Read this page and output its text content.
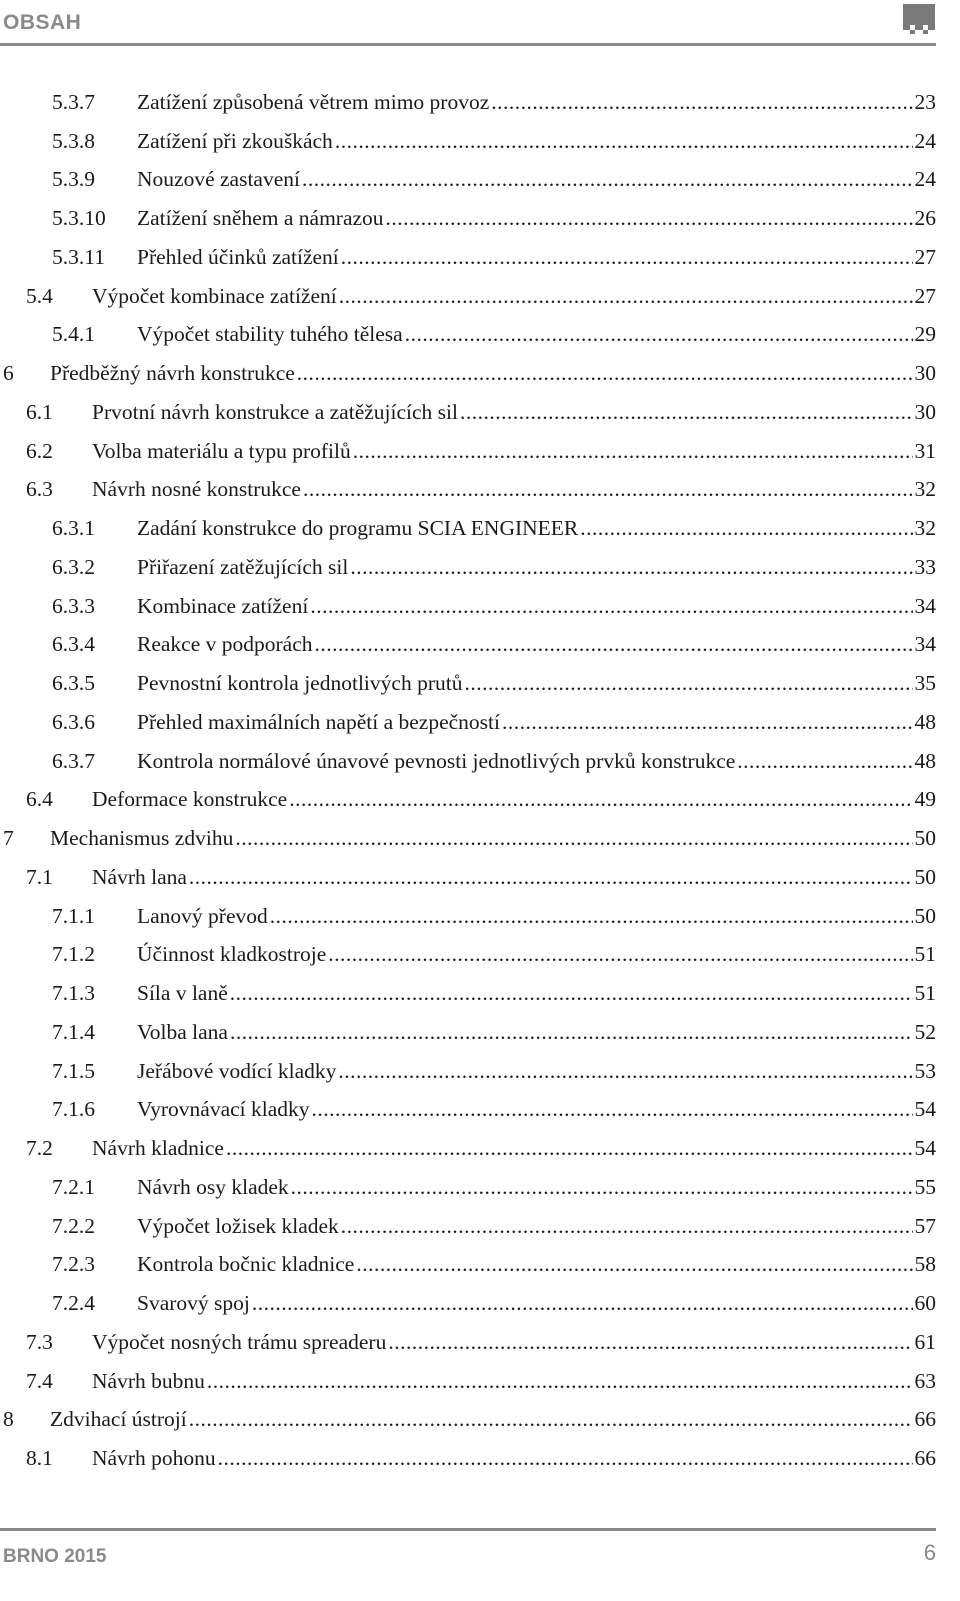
OBSAH
5.3.7	Zatížení způsobená větrem mimo provoz .....	23
5.3.8	Zatížení při zkouškách .....	24
5.3.9	Nouzové zastavení .....	24
5.3.10	Zatížení sněhem a námrazou .....	26
5.3.11	Přehled účinků zatížení .....	27
5.4	Výpočet kombinace zatížení .....	27
5.4.1	Výpočet stability tuhého tělesa .....	29
6	Předběžný návrh konstrukce .....	30
6.1	Prvotní návrh konstrukce a zatěžujících sil .....	30
6.2	Volba materiálu a typu profilů .....	31
6.3	Návrh nosné konstrukce .....	32
6.3.1	Zadání konstrukce do programu SCIA ENGINEER .....	32
6.3.2	Přiřazení zatěžujících sil .....	33
6.3.3	Kombinace zatížení .....	34
6.3.4	Reakce v podporách .....	34
6.3.5	Pevnostní kontrola jednotlivých prutů .....	35
6.3.6	Přehled maximálních napětí a bezpečností .....	48
6.3.7	Kontrola normálové únavové pevnosti jednotlivých prvků konstrukce .....	48
6.4	Deformace konstrukce .....	49
7	Mechanismus zdvihu .....	50
7.1	Návrh lana .....	50
7.1.1	Lanový převod .....	50
7.1.2	Účinnost kladkostroje .....	51
7.1.3	Síla v laně .....	51
7.1.4	Volba lana .....	52
7.1.5	Jeřábové vodící kladky .....	53
7.1.6	Vyrovnávací kladky .....	54
7.2	Návrh kladnice .....	54
7.2.1	Návrh osy kladek .....	55
7.2.2	Výpočet ložisek kladek .....	57
7.2.3	Kontrola bočnic kladnice .....	58
7.2.4	Svarový spoj .....	60
7.3	Výpočet nosných trámu spreaderu .....	61
7.4	Návrh bubnu .....	63
8	Zdvihací ústrojí .....	66
8.1	Návrh pohonu .....	66
BRNO 2015	6
